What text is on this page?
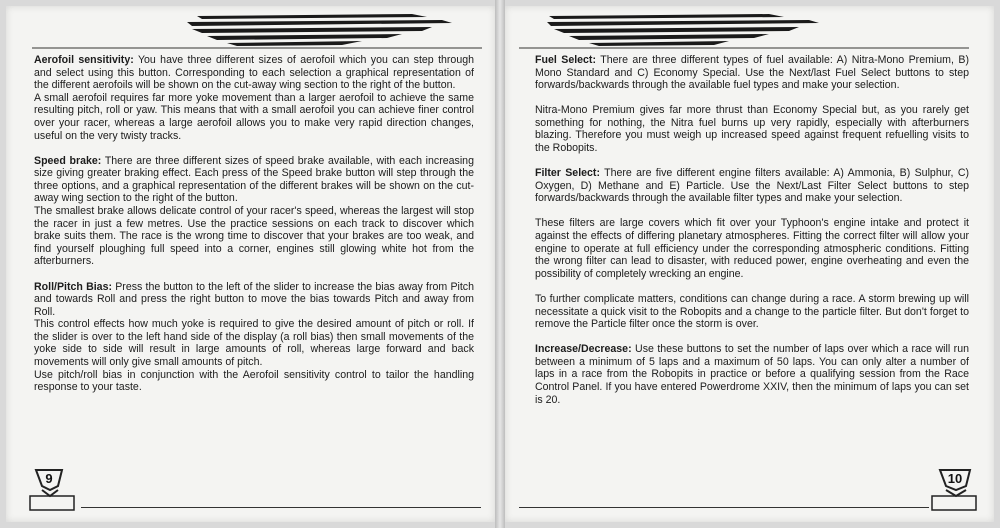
Aerofoil sensitivity: You have three different sizes of aerofoil which you can step through and select using this button. Corresponding to each selection a graphical representation of the different aerofoils will be shown on the cut-away wing section to the right of the button.

A small aerofoil requires far more yoke movement than a larger aerofoil to achieve the same resulting pitch, roll or yaw. This means that with a small aerofoil you can achieve finer control over your racer, whereas a large aerofoil allows you to make very rapid direction changes, useful on the very twisty tracks.

Speed brake: There are three different sizes of speed brake available, with each increasing size giving greater braking effect. Each press of the Speed brake button will step through the three options, and a graphical representation of the different brakes will be shown on the cut-away wing section to the right of the button.

The smallest brake allows delicate control of your racer's speed, whereas the largest will stop the racer in just a few metres. Use the practice sessions on each track to discover which brake suits them. The race is the wrong time to discover that your brakes are too weak, and find yourself ploughing full speed into a corner, engines still glowing white hot from the afterburners.

Roll/Pitch Bias: Press the button to the left of the slider to increase the bias away from Pitch and towards Roll and press the right button to move the bias towards Pitch and away from Roll.

This control effects how much yoke is required to give the desired amount of pitch or roll. If the slider is over to the left hand side of the display (a roll bias) then small movements of the yoke side to side will result in large amounts of roll, whereas large forward and back movements will only give small amounts of pitch.

Use pitch/roll bias in conjunction with the Aerofoil sensitivity control to tailor the handling response to your taste.

9

Fuel Select: There are three different types of fuel available: A) Nitra-Mono Premium, B) Mono Standard and C) Economy Special. Use the Next/last Fuel Select buttons to step forwards/backwards through the available fuel types and make your selection.

Nitra-Mono Premium gives far more thrust than Economy Special but, as you rarely get something for nothing, the Nitra fuel burns up very rapidly, especially with afterburners blazing. Therefore you must weigh up increased speed against frequent refuelling visits to the Robopits.

Filter Select: There are five different engine filters available: A) Ammonia, B) Sulphur, C) Oxygen, D) Methane and E) Particle. Use the Next/Last Filter Select buttons to step forwards/backwards through the available filter types and make your selection.

These filters are large covers which fit over your Typhoon's engine intake and protect it against the effects of differing planetary atmospheres. Fitting the correct filter will allow your engine to operate at full efficiency under the corresponding atmospheric conditions. Fitting the wrong filter can lead to disaster, with reduced power, engine overheating and even the possibility of completely wrecking an engine.

To further complicate matters, conditions can change during a race. A storm brewing up will necessitate a quick visit to the Robopits and a change to the particle filter. But don't forget to remove the Particle filter once the storm is over.

Increase/Decrease: Use these buttons to set the number of laps over which a race will run between a minimum of 5 laps and a maximum of 50 laps. You can only alter a number of laps in a race from the Robopits in practice or before a qualifying session from the Race Control Panel. If you have entered Powerdrome XXIV, then the minimum of laps you can set is 20.

10
